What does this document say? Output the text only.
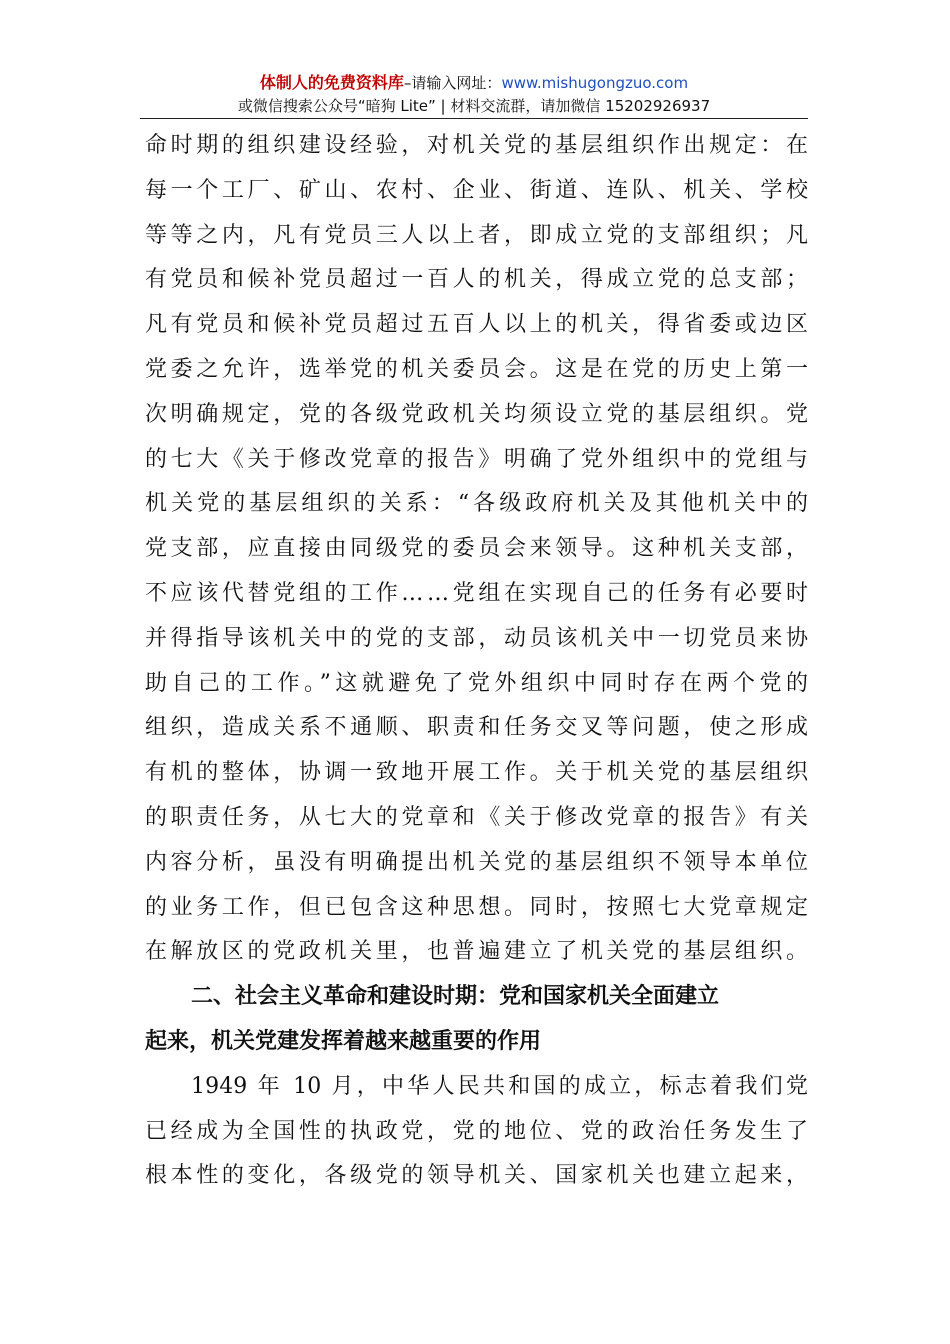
体制人的免费资料库–请输入网址：www.mishugongzuo.com
或微信搜索公众号“暗狗 Lite” | 材料交流群，请加微信 15202926937
命时期的组织建设经验，对机关党的基层组织作出规定：在
每一个工厂、矿山、农村、企业、街道、连队、机关、学校
等等之内，凡有党员三人以上者，即成立党的支部组织；凡
有党员和候补党员超过一百人的机关，得成立党的总支部；
凡有党员和候补党员超过五百人以上的机关，得省委或边区
党委之允许，选举党的机关委员会。这是在党的历史上第一
次明确规定，党的各级党政机关均须设立党的基层组织。党
的七大《关于修改党章的报告》明确了党外组织中的党组与
机关党的基层组织的关系：“各级政府机关及其他机关中的
党支部，应直接由同级党的委员会来领导。这种机关支部，
不应该代替党组的工作……党组在实现自己的任务有必要时
并得指导该机关中的党的支部，动员该机关中一切党员来协
助自己的工作。”这就避免了党外组织中同时存在两个党的
组织，造成关系不通顺、职责和任务交叉等问题，使之形成
有机的整体，协调一致地开展工作。关于机关党的基层组织
的职责任务，从七大的党章和《关于修改党章的报告》有关
内容分析，虽没有明确提出机关党的基层组织不领导本单位
的业务工作，但已包含这种思想。同时，按照七大党章规定
在解放区的党政机关里，也普遍建立了机关党的基层组织。
二、社会主义革命和建设时期：党和国家机关全面建立
起来，机关党建发挥着越来越重要的作用
1949 年 10 月，中华人民共和国的成立，标志着我们党
已经成为全国性的执政党，党的地位、党的政治任务发生了
根本性的变化，各级党的领导机关、国家机关也建立起来，
